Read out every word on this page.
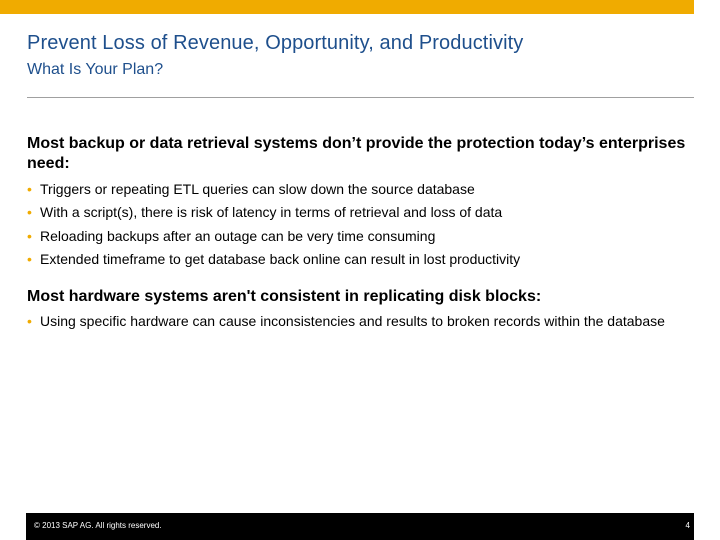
Prevent Loss of Revenue, Opportunity, and Productivity
What Is Your Plan?

Most backup or data retrieval systems don’t provide the protection today’s enterprises need:

• Triggers or repeating ETL queries can slow down the source database
• With a script(s), there is risk of latency in terms of retrieval and loss of data
• Reloading backups after an outage can be very time consuming
• Extended timeframe to get database back online can result in lost productivity

Most hardware systems aren't consistent in replicating disk blocks:

• Using specific hardware can cause inconsistencies and results to broken records within the database
© 2013 SAP AG. All rights reserved.	4
